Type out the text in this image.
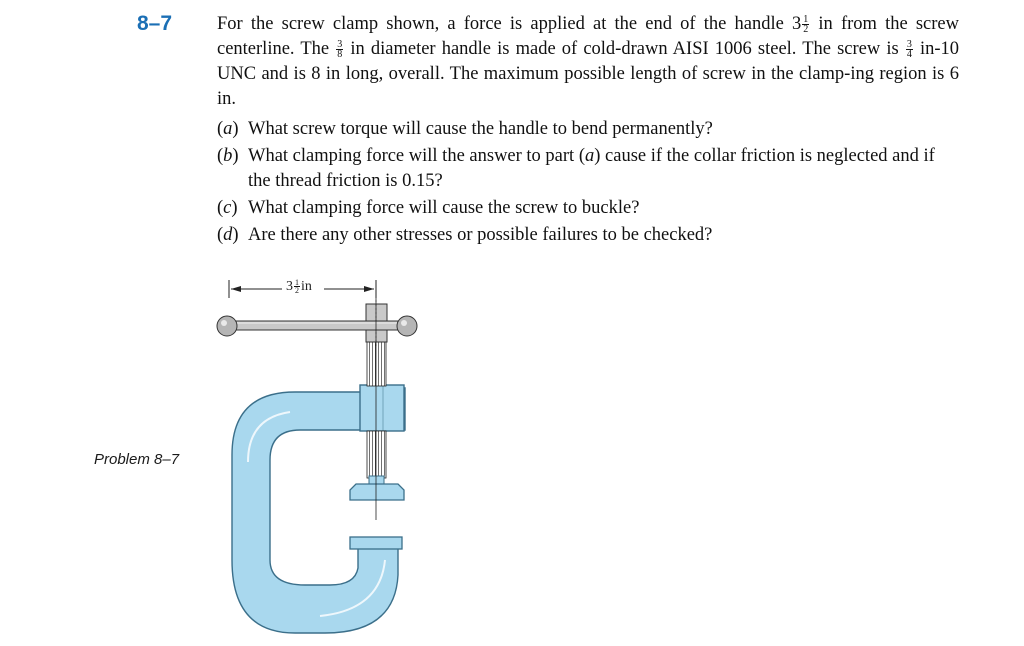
8–7 For the screw clamp shown, a force is applied at the end of the handle $3 \frac{1}{2}$ in from the screw centerline. The $\frac{3}{8}$ in diameter handle is made of cold-drawn AISI 1006 steel. The screw is $\frac{3}{4} in-10$ UNC and is 8 in long, overall. The maximum possible length of screw in the clamp-ing region is 6 in.

(a) What screw torque will cause the handle to bend permanently?
(b) What clamping force will the answer to part (a) cause if the collar friction is neglected and if the thread friction is 0.15?
(c) What clamping force will cause the screw to buckle?
(d) Are there any other stresses or possible failures to be checked?
Problem 8–7
$3 \frac{1}{2}$ in
